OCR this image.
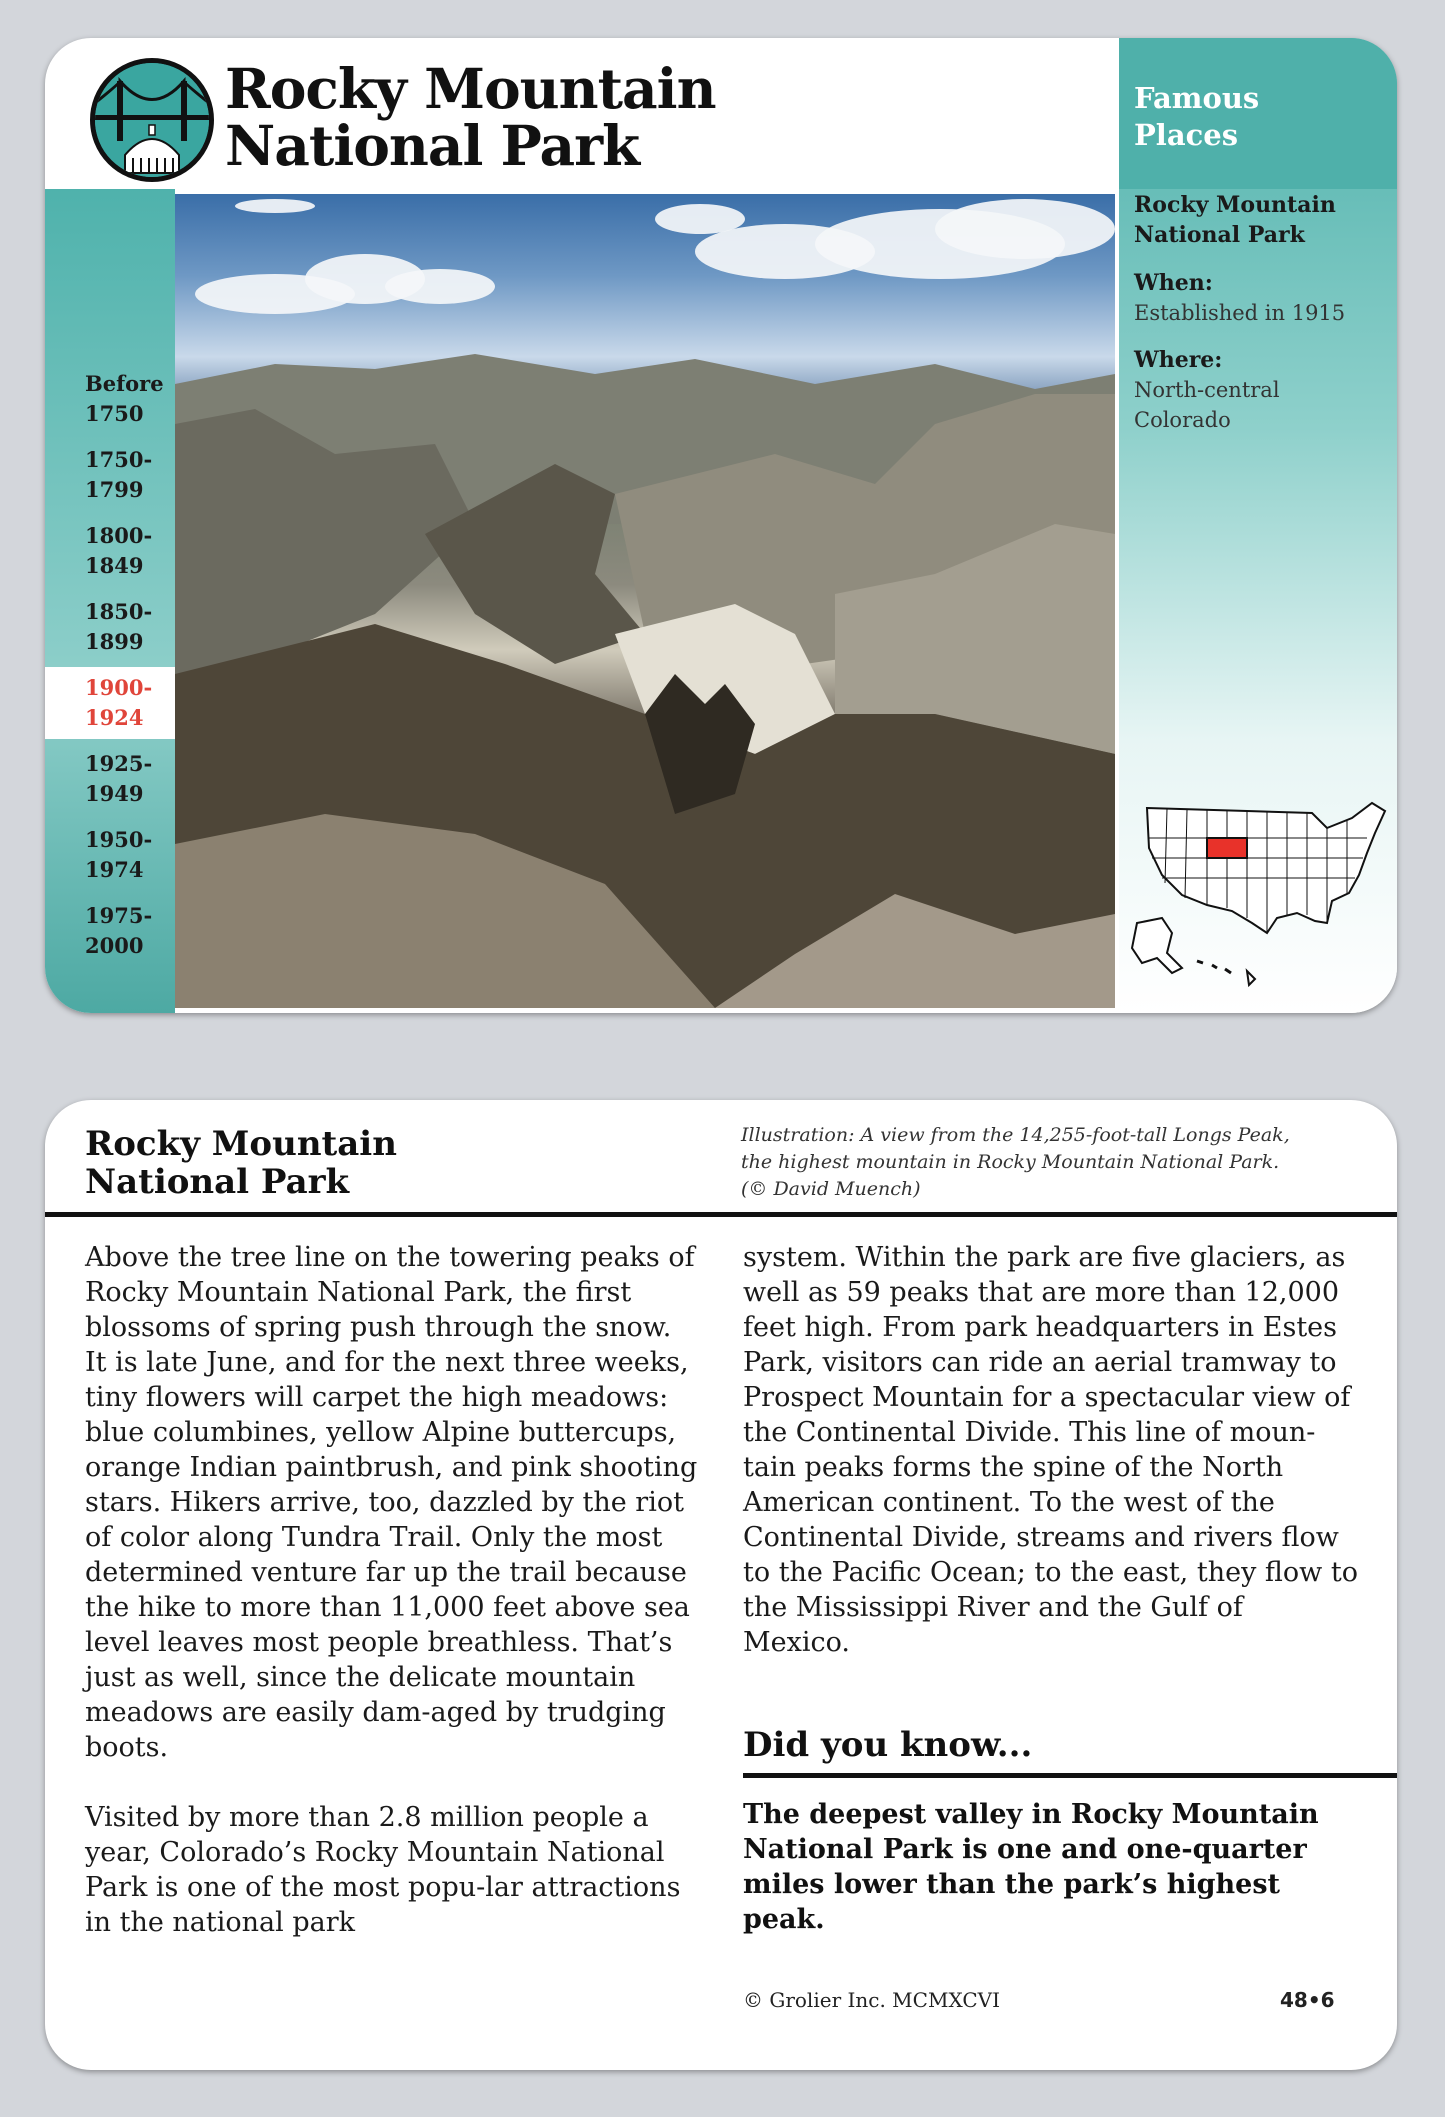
Rocky Mountain
National Park
Famous
Places
Rocky Mountain
National Park
When:
Established in 1915
Where:
North-central
Colorado
Before
1750
1750-
1799
1800-
1849
1850-
1899
1900-
1924
1925-
1949
1950-
1974
1975-
2000
Rocky Mountain
National Park
Illustration: A view from the 14,255-foot-tall Longs Peak,
the highest mountain in Rocky Mountain National Park.
(© David Muench)

Above the tree line on the towering peaks of Rocky Mountain National Park, the first blossoms of spring push through the snow. It is late June, and for the next three weeks, tiny flowers will carpet the high meadows: blue columbines, yellow Alpine buttercups, orange Indian paintbrush, and pink shooting stars. Hikers arrive, too, dazzled by the riot of color along Tundra Trail. Only the most determined venture far up the trail because the hike to more than 11,000 feet above sea level leaves most people breathless. That’s just as well, since the delicate mountain meadows are easily dam-aged by trudging boots.

Visited by more than 2.8 million people a year, Colorado’s Rocky Mountain National Park is one of the most popu-lar attractions in the national park

system. Within the park are five glaciers, as well as 59 peaks that are more than 12,000 feet high. From park headquarters in Estes Park, visitors can ride an aerial tramway to Prospect Mountain for a spectacular view of the Continental Divide. This line of moun-tain peaks forms the spine of the North American continent. To the west of the Continental Divide, streams and rivers flow to the Pacific Ocean; to the east, they flow to the Mississippi River and the Gulf of Mexico.

Did you know...
The deepest valley in Rocky Mountain National Park is one and one-quarter miles lower than the park’s highest peak.
© Grolier Inc. MCMXCVI	48•6
